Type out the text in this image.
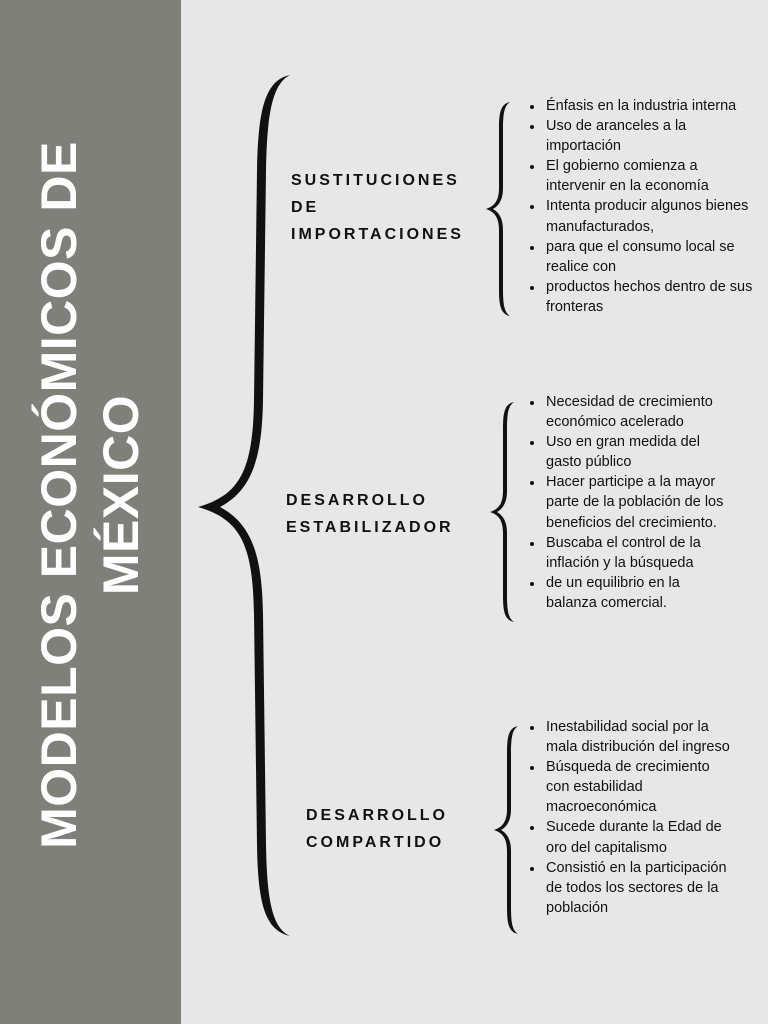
MODELOS ECONÓMICOS DE MÉXICO
SUSTITUCIONES
DE
IMPORTACIONES
Énfasis en la industria interna
Uso de aranceles a la importación
El gobierno comienza a intervenir en la economía
Intenta producir algunos bienes manufacturados,
para que el consumo local se realice con
productos hechos dentro de sus fronteras
DESARROLLO
ESTABILIZADOR
Necesidad de crecimiento económico acelerado
Uso en gran medida del gasto público
Hacer participe a la mayor parte de la población de los beneficios del crecimiento.
Buscaba el control de la inflación y la búsqueda
de un equilibrio en la balanza comercial.
DESARROLLO
COMPARTIDO
Inestabilidad social por la mala distribución del ingreso
Búsqueda de crecimiento con estabilidad macroeconómica
Sucede durante la Edad de oro del capitalismo
Consistió en la participación de todos los sectores de la población
